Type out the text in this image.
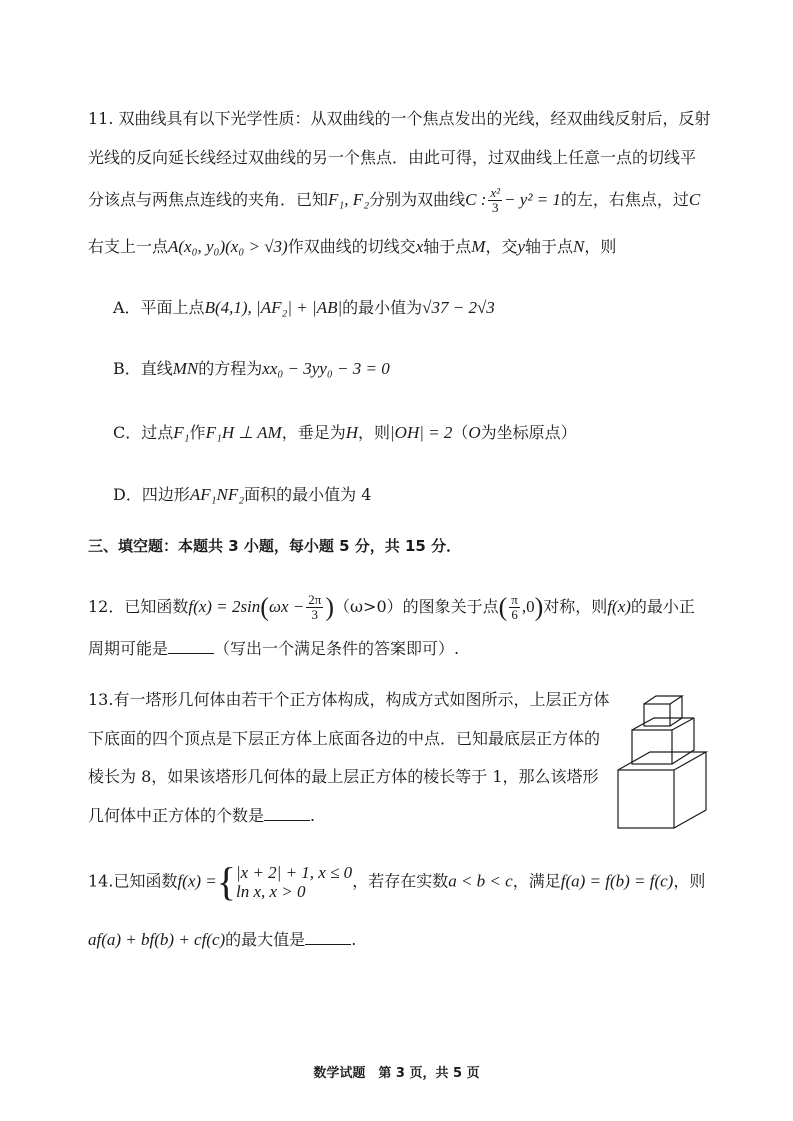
11. 双曲线具有以下光学性质：从双曲线的一个焦点发出的光线，经双曲线反射后，反射
光线的反向延长线经过双曲线的另一个焦点．由此可得，过双曲线上任意一点的切线平
分该点与两焦点连线的夹角．已知F₁, F₂分别为双曲线C : $\frac{\text{x²}}{3} - y^2 = 1$的左，右焦点，过C
右支上一点A(x₀, y₀)(x₀ > √3)作双曲线的切线交x轴于点M，交y轴于点N，则
A．平面上点B(4,1), |AF₂| + |AB|的最小值为√37 − 2√3
B．直线MN的方程为xx₀ − 3yy₀ − 3 = 0
C．过点F₁作F₁H ⊥ AM，垂足为H，则|OH| = 2（O为坐标原点）
D．四边形AF₁NF₂面积的最小值为 4
三、填空题：本题共 3 小题，每小题 5 分，共 15 分．
12．已知函数$f(x) = 2\sin(\omega x - \frac{2\pi}{3} )(\omega>0)$的图象关于点( $\frac{\pi}{6} ,0$)对称，则f(x)的最小正
周期可能是	（写出一个满足条件的答案即可）.
13.有一塔形几何体由若干个正方体构成，构成方式如图所示，上层正方体
下底面的四个顶点是下层正方体上底面各边的中点．已知最底层正方体的
棱长为 8，如果该塔形几何体的最上层正方体的棱长等于 1，那么该塔形
几何体中正方体的个数是	.
14.已知函数f(x) ={ |x + 2| + 1, x ≤ 0
ln x, x > 0
，若存在实数a < b < c，满足f(a) = f(b) = f(c)，则
af(a) + bf(b) + cf(c)的最大值是	.
数学试题　第 3 页，共 5 页
